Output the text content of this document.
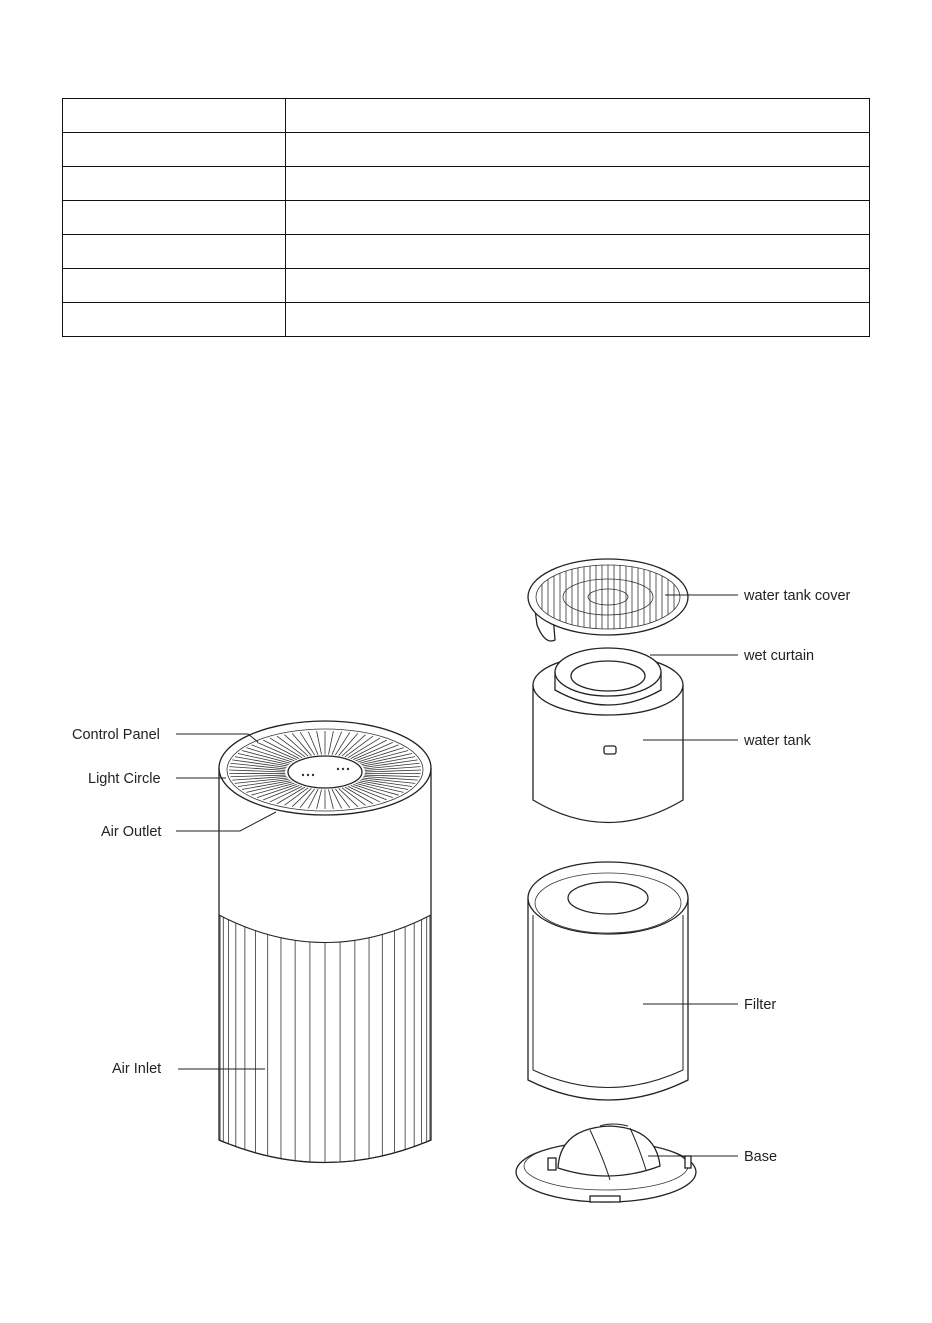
Control Panel
Light Circle
Air Outlet
Air Inlet
water tank cover
wet curtain
water tank
Filter
Base
